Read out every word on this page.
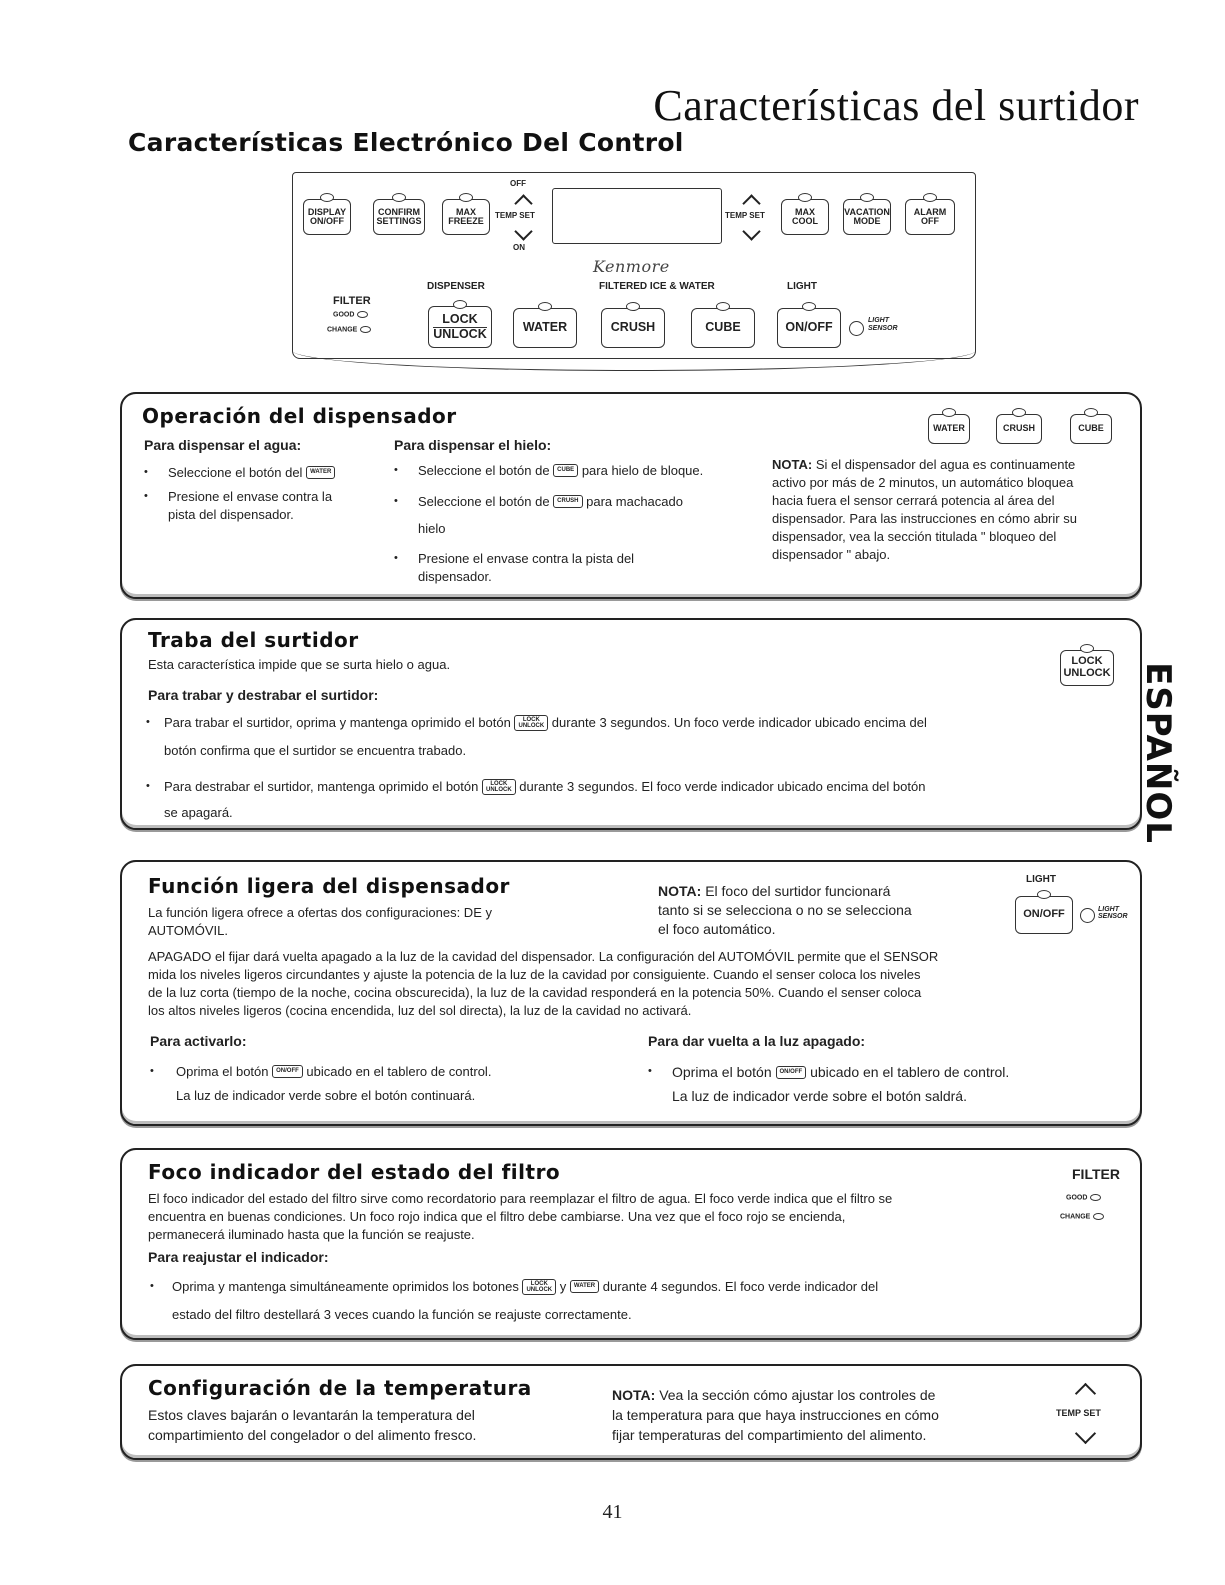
Características del surtidor
Características Electrónico Del Control
DISPLAY ON/OFF
CONFIRM SETTINGS
MAX FREEZE
OFF
TEMP SET
ON
TEMP SET	MAX COOL
VACATION MODE
ALARM OFF
Kenmore
DISPENSER	FILTERED ICE & WATER	LIGHT
FILTER
GOOD
CHANGE
LOCK
UNLOCK	WATER	CRUSH	CUBE	ON/OFF	LIGHT SENSOR
Operación del dispensador
WATER	CRUSH	CUBE
Para dispensar el agua:
• Seleccione el botón del WATER
• Presione el envase contra la
pista del dispensador.
Para dispensar el hielo:
• Seleccione el botón de CUBE para hielo de bloque.
• Seleccione el botón de CRUSH para machacado
hielo
• Presione el envase contra la pista del
dispensador.
NOTA: Si el dispensador del agua es continuamente
activo por más de 2 minutos, un automático bloquea
hacia fuera el sensor cerrará potencia al área del
dispensador. Para las instrucciones en cómo abrir su
dispensador, vea la sección titulada " bloqueo del
dispensador " abajo.
Traba del surtidor
LOCK
UNLOCK
Esta característica impide que se surta hielo o agua.
Para trabar y destrabar el surtidor:
• Para trabar el surtidor, oprima y mantenga oprimido el botón LOCK
UNLOCK durante 3 segundos. Un foco verde indicador ubicado encima del
botón confirma que el surtidor se encuentra trabado.
• Para destrabar el surtidor, mantenga oprimido el botón LOCK
UNLOCK durante 3 segundos. El foco verde indicador ubicado encima del botón
se apagará.	ESPAÑOL
Función ligera del dispensador
La función ligera ofrece a ofertas dos configuraciones: DE y
AUTOMÓVIL.
NOTA: El foco del surtidor funcionará
tanto si se selecciona o no se selecciona
el foco automático.
LIGHT
ON/OFF	LIGHT SENSOR
APAGADO el fijar dará vuelta apagado a la luz de la cavidad del dispensador. La configuración del AUTOMÓVIL permite que el SENSOR
mida los niveles ligeros circundantes y ajuste la potencia de la luz de la cavidad por consiguiente. Cuando el senser coloca los niveles
de la luz corta (tiempo de la noche, cocina obscurecida), la luz de la cavidad responderá en la potencia 50%. Cuando el senser coloca
los altos niveles ligeros (cocina encendida, luz del sol directa), la luz de la cavidad no activará.
Para activarlo:
• Oprima el botón ON/OFF ubicado en el tablero de control.
La luz de indicador verde sobre el botón continuará.
Para dar vuelta a la luz apagado:
• Oprima el botón ON/OFF ubicado en el tablero de control.
La luz de indicador verde sobre el botón saldrá.
Foco indicador del estado del filtro	FILTER
El foco indicador del estado del filtro sirve como recordatorio para reemplazar el filtro de agua. El foco verde indica que el filtro se	GOOD
encuentra en buenas condiciones. Un foco rojo indica que el filtro debe cambiarse. Una vez que el foco rojo se encienda,	CHANGE
permanecerá iluminado hasta que la función se reajuste.
Para reajustar el indicador:
• Oprima y mantenga simultáneamente oprimidos los botones LOCK
UNLOCK y WATER durante 4 segundos. El foco verde indicador del
estado del filtro destellará 3 veces cuando la función se reajuste correctamente.
Configuración de la temperatura
Estos claves bajarán o levantarán la temperatura del
compartimiento del congelador o del alimento fresco.
NOTA: Vea la sección cómo ajustar los controles de
la temperatura para que haya instrucciones en cómo
fijar temperaturas del compartimiento del alimento.
TEMP SET
41
